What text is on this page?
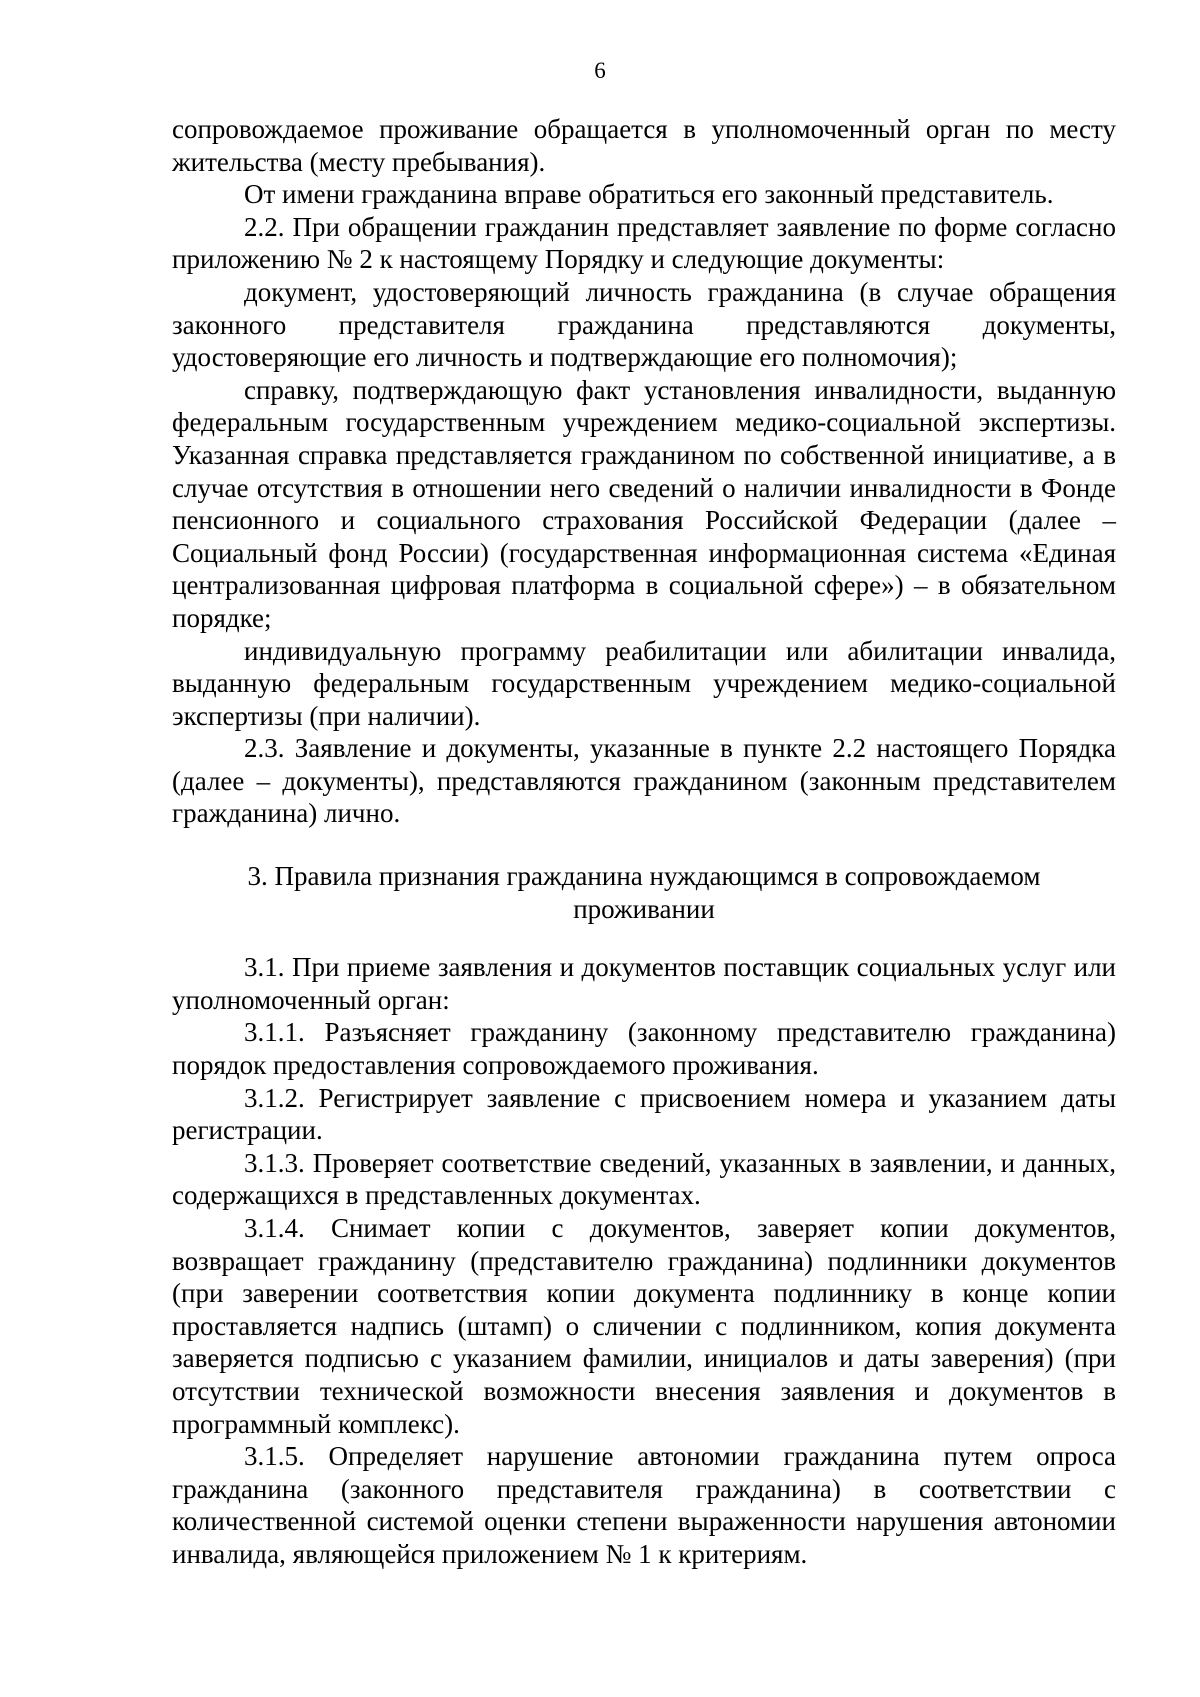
6

сопровождаемое проживание обращается в уполномоченный орган по месту жительства (месту пребывания).

От имени гражданина вправе обратиться его законный представитель.

2.2. При обращении гражданин представляет заявление по форме согласно приложению № 2 к настоящему Порядку и следующие документы:

документ, удостоверяющий личность гражданина (в случае обращения законного представителя гражданина представляются документы, удостоверяющие его личность и подтверждающие его полномочия);

справку, подтверждающую факт установления инвалидности, выданную федеральным государственным учреждением медико-социальной экспертизы. Указанная справка представляется гражданином по собственной инициативе, а в случае отсутствия в отношении него сведений о наличии инвалидности в Фонде пенсионного и социального страхования Российской Федерации (далее – Социальный фонд России) (государственная информационная система «Единая централизованная цифровая платформа в социальной сфере») – в обязательном порядке;

индивидуальную программу реабилитации или абилитации инвалида, выданную федеральным государственным учреждением медико-социальной экспертизы (при наличии).

2.3. Заявление и документы, указанные в пункте 2.2 настоящего Порядка (далее – документы), представляются гражданином (законным представителем гражданина) лично.

3. Правила признания гражданина нуждающимся в сопровождаемом
проживании

3.1. При приеме заявления и документов поставщик социальных услуг или уполномоченный орган:

3.1.1. Разъясняет гражданину (законному представителю гражданина) порядок предоставления сопровождаемого проживания.

3.1.2. Регистрирует заявление с присвоением номера и указанием даты регистрации.

3.1.3. Проверяет соответствие сведений, указанных в заявлении, и данных, содержащихся в представленных документах.

3.1.4. Снимает копии с документов, заверяет копии документов, возвращает гражданину (представителю гражданина) подлинники документов (при заверении соответствия копии документа подлиннику в конце копии проставляется надпись (штамп) о сличении с подлинником, копия документа заверяется подписью с указанием фамилии, инициалов и даты заверения) (при отсутствии технической возможности внесения заявления и документов в программный комплекс).

3.1.5. Определяет нарушение автономии гражданина путем опроса гражданина (законного представителя гражданина) в соответствии с количественной системой оценки степени выраженности нарушения автономии инвалида, являющейся приложением № 1 к критериям.
